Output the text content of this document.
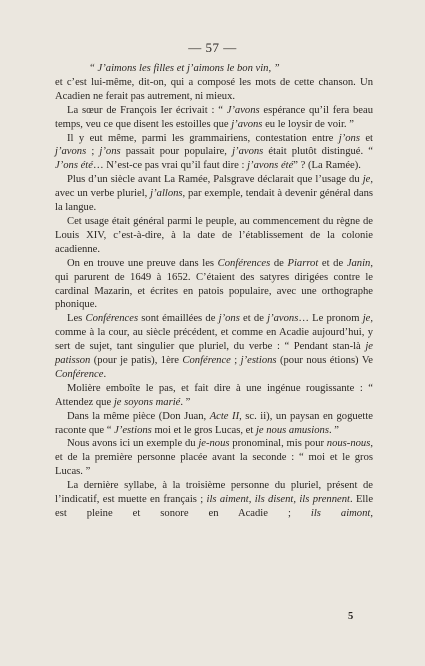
— 57 —

“ J’aimons les filles et j’aimons le bon vin, ”

et c’est lui-même, dit-on, qui a composé les mots de cette chanson. Un Acadien ne ferait pas autrement, ni mieux.

La sœur de François Ier écrivait : “ J’avons espérance qu’il fera beau temps, veu ce que disent les estoilles que j’avons eu le loysir de voir. ”

Il y eut même, parmi les grammairiens, contestation entre j’ons et j’avons ; j’ons passait pour populaire, j’avons était plutôt distingué. “ J’ons été… N’est-ce pas vrai qu’il faut dire : j’avons été” ? (La Ramée).

Plus d’un siècle avant La Ramée, Palsgrave déclarait que l’usage du je, avec un verbe pluriel, j’allons, par exemple, tendait à devenir général dans la langue.

Cet usage était général parmi le peuple, au commencement du règne de Louis XIV, c’est-à-dire, à la date de l’établissement de la colonie acadienne.

On en trouve une preuve dans les Conférences de Piarrot et de Janin, qui parurent de 1649 à 1652. C’étaient des satyres dirigées contre le cardinal Mazarin, et écrites en patois populaire, avec une orthographe phonique.

Les Conférences sont émaillées de j’ons et de j’avons… Le pronom je, comme à la cour, au siècle précédent, et comme en Acadie aujourd’hui, y sert de sujet, tant singulier que pluriel, du verbe : “ Pendant stan-là je patisson (pour je patis), 1ère Conférence ; j’estions (pour nous étions) Ve Conférence.

Molière emboîte le pas, et fait dire à une ingénue rougissante : “ Attendez que je soyons marié. ”

Dans la même pièce (Don Juan, Acte II, sc. ii), un paysan en goguette raconte que “ J’estions moi et le gros Lucas, et je nous amusions. ”

Nous avons ici un exemple du je-nous pronominal, mis pour nous-nous, et de la première personne placée avant la seconde : “ moi et le gros Lucas. ”

La dernière syllabe, à la troisième personne du pluriel, présent de l’indicatif, est muette en français ; ils aiment, ils disent, ils prennent. Elle est pleine et sonore en Acadie ; ils aimont,

5
